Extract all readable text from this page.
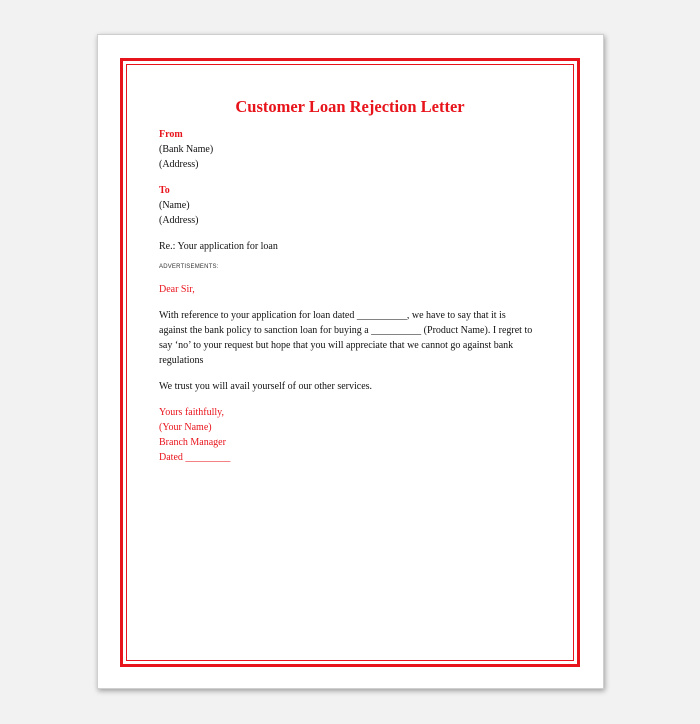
Customer Loan Rejection Letter
From
(Bank Name)
(Address)
To
(Name)
(Address)
Re.: Your application for loan
ADVERTISEMENTS:
Dear Sir,
With reference to your application for loan dated __________, we have to say that it is
against the bank policy to sanction loan for buying a __________ (Product Name). I regret to
say ‘no’ to your request but hope that you will appreciate that we cannot go against bank
regulations
We trust you will avail yourself of our other services.
Yours faithfully,
(Your Name)
Branch Manager
Dated _________
